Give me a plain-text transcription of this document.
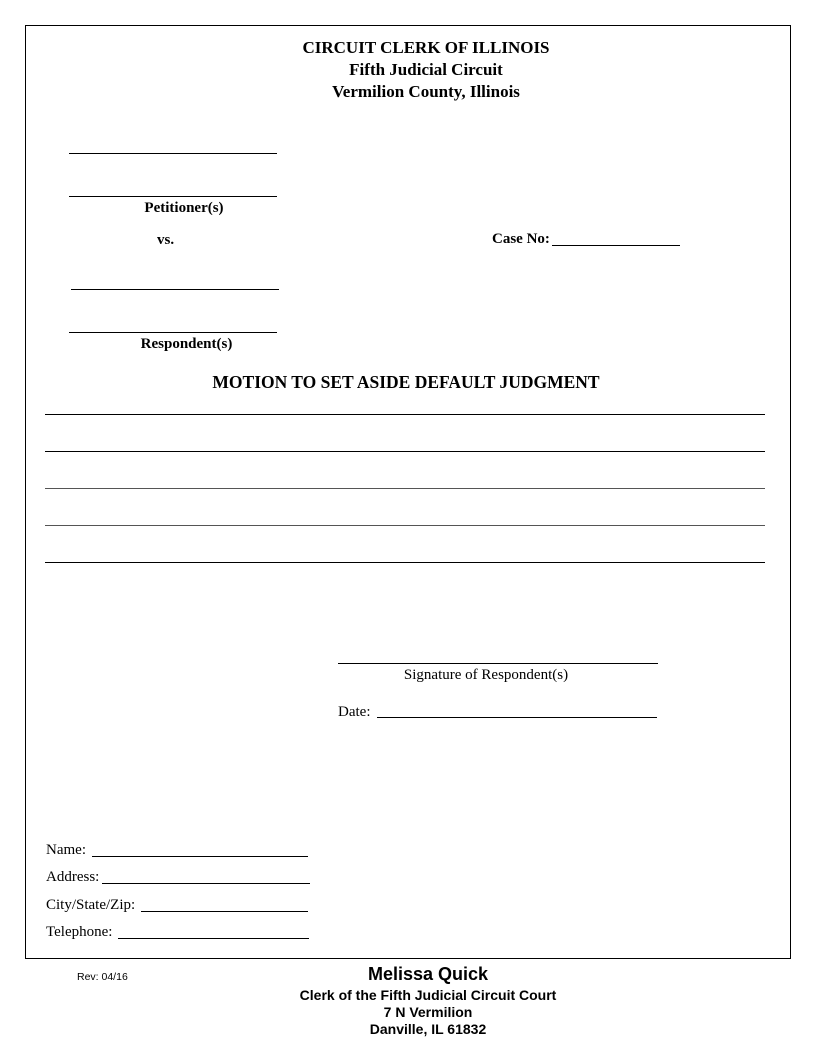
CIRCUIT CLERK OF ILLINOIS
Fifth Judicial Circuit
Vermilion County, Illinois
Petitioner(s)
vs.	Case No:
Respondent(s)
MOTION TO SET ASIDE DEFAULT JUDGMENT
Signature of Respondent(s)
Date:
Name:
Address:
City/State/Zip:
Telephone:
Rev: 04/16	Melissa Quick
Clerk of the Fifth Judicial Circuit Court
7 N Vermilion
Danville, IL 61832
